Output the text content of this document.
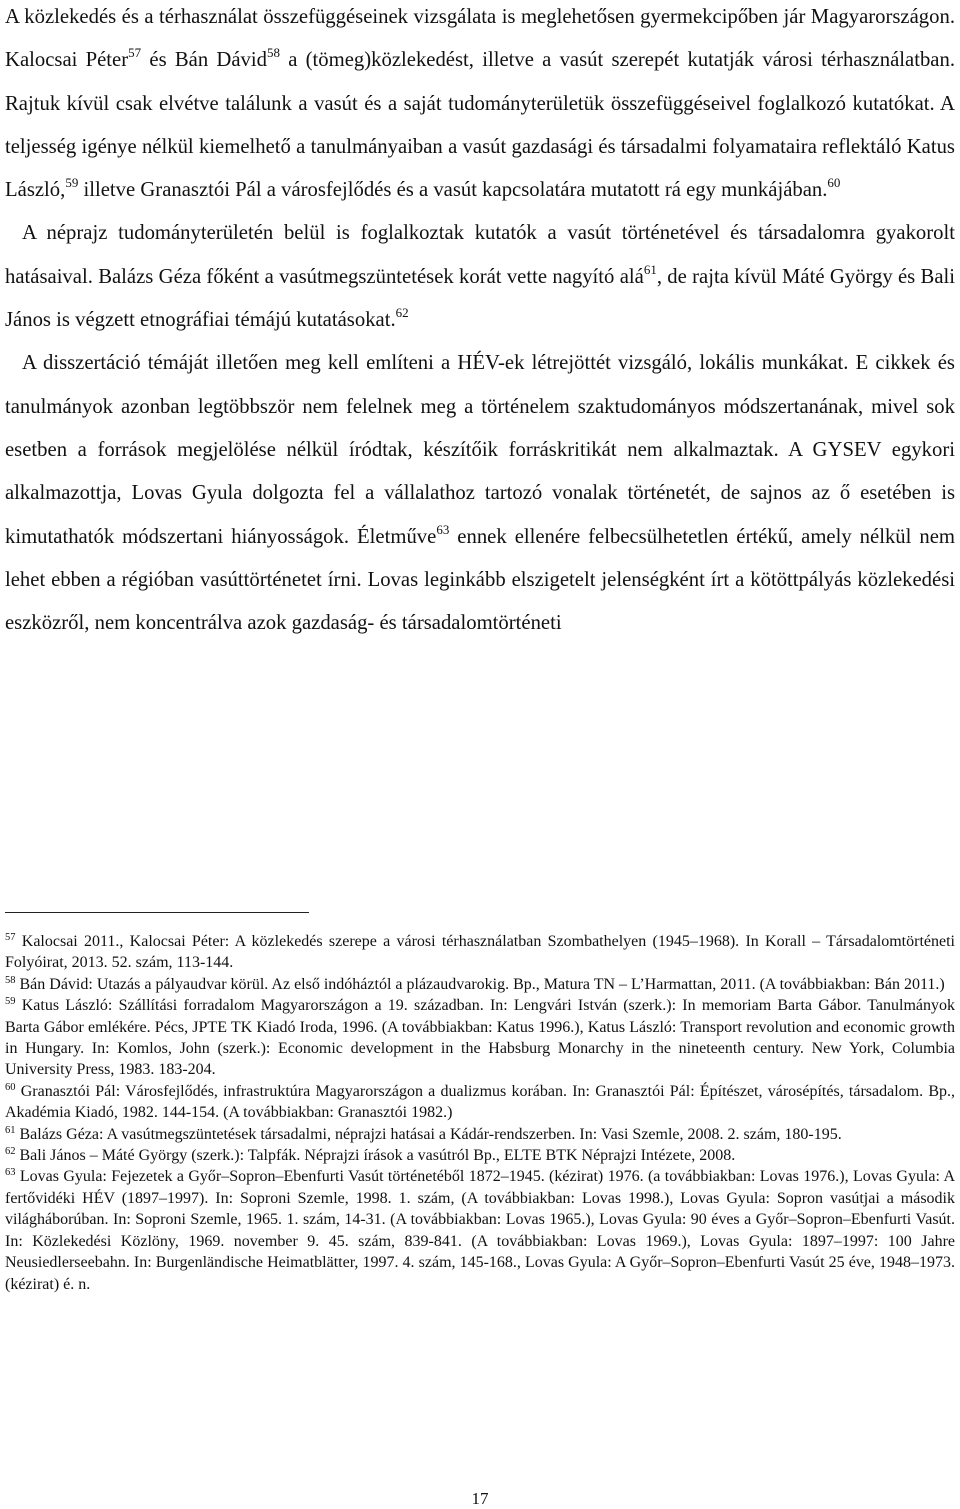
A közlekedés és a térhasználat összefüggéseinek vizsgálata is meglehetősen gyermekcipőben jár Magyarországon. Kalocsai Péter$^{57}$ és Bán Dávid$^{58}$ a (tömeg)közlekedést, illetve a vasút szerepét kutatják városi térhasználatban. Rajtuk kívül csak elvétve találunk a vasút és a saját tudományterületük összefüggéseivel foglalkozó kutatókat. A teljesség igénye nélkül kiemelhető a tanulmányaiban a vasút gazdasági és társadalmi folyamataira reflektáló Katus László,$^{59}$ illetve Granasztói Pál a városfejlődés és a vasút kapcsolatára mutatott rá egy munkájában.$^{60}$

A néprajz tudományterületén belül is foglalkoztak kutatók a vasút történetével és társadalomra gyakorolt hatásaival. Balázs Géza főként a vasútmegszüntetések korát vette nagyító alá$^{61}$, de rajta kívül Máté György és Bali János is végzett etnográfiai témájú kutatásokat.$^{62}$

A disszertáció témáját illetően meg kell említeni a HÉV-ek létrejöttét vizsgáló, lokális munkákat. E cikkek és tanulmányok azonban legtöbbször nem felelnek meg a történelem szaktudományos módszertanának, mivel sok esetben a források megjelölése nélkül íródtak, készítőik forráskritikát nem alkalmaztak. A GYSEV egykori alkalmazottja, Lovas Gyula dolgozta fel a vállalathoz tartozó vonalak történetét, de sajnos az ő esetében is kimutathatók módszertani hiányosságok. Életműve$^{63}$ ennek ellenére felbecsülhetetlen értékű, amely nélkül nem lehet ebben a régióban vasúttörténetet írni. Lovas leginkább elszigetelt jelenségként írt a kötöttpályás közlekedési eszközről, nem koncentrálva azok gazdaság- és társadalomtörténeti

$^{57}$ Kalocsai 2011., Kalocsai Péter: A közlekedés szerepe a városi térhasználatban Szombathelyen (1945–1968). In Korall – Társadalomtörténeti Folyóirat, 2013. 52. szám, 113-144.

$^{58}$ Bán Dávid: Utazás a pályaudvar körül. Az első indóháztól a plázaudvarokig. Bp., Matura TN – L’Harmattan, 2011. (A továbbiakban: Bán 2011.)

$^{59}$ Katus László: Szállítási forradalom Magyarországon a 19. században. In: Lengvári István (szerk.): In memoriam Barta Gábor. Tanulmányok Barta Gábor emlékére. Pécs, JPTE TK Kiadó Iroda, 1996. (A továbbiakban: Katus 1996.), Katus László: Transport revolution and economic growth in Hungary. In: Komlos, John (szerk.): Economic development in the Habsburg Monarchy in the nineteenth century. New York, Columbia University Press, 1983. 183-204.

$^{60}$ Granasztói Pál: Városfejlődés, infrastruktúra Magyarországon a dualizmus korában. In: Granasztói Pál: Építészet, városépítés, társadalom. Bp., Akadémia Kiadó, 1982. 144-154. (A továbbiakban: Granasztói 1982.)

$^{61}$ Balázs Géza: A vasútmegszüntetések társadalmi, néprajzi hatásai a Kádár-rendszerben. In: Vasi Szemle, 2008. 2. szám, 180-195.

$^{62}$ Bali János – Máté György (szerk.): Talpfák. Néprajzi írások a vasútról Bp., ELTE BTK Néprajzi Intézete, 2008.

$^{63}$ Lovas Gyula: Fejezetek a Győr–Sopron–Ebenfurti Vasút történetéből 1872–1945. (kézirat) 1976. (a továbbiakban: Lovas 1976.), Lovas Gyula: A fertővidéki HÉV (1897–1997). In: Soproni Szemle, 1998. 1. szám, (A továbbiakban: Lovas 1998.), Lovas Gyula: Sopron vasútjai a második világháborúban. In: Soproni Szemle, 1965. 1. szám, 14-31. (A továbbiakban: Lovas 1965.), Lovas Gyula: 90 éves a Győr–Sopron–Ebenfurti Vasút. In: Közlekedési Közlöny, 1969. november 9. 45. szám, 839-841. (A továbbiakban: Lovas 1969.), Lovas Gyula: 1897–1997: 100 Jahre Neusiedlerseebahn. In: Burgenländische Heimatblätter, 1997. 4. szám, 145-168., Lovas Gyula: A Győr–Sopron–Ebenfurti Vasút 25 éve, 1948–1973. (kézirat) é. n.

17
